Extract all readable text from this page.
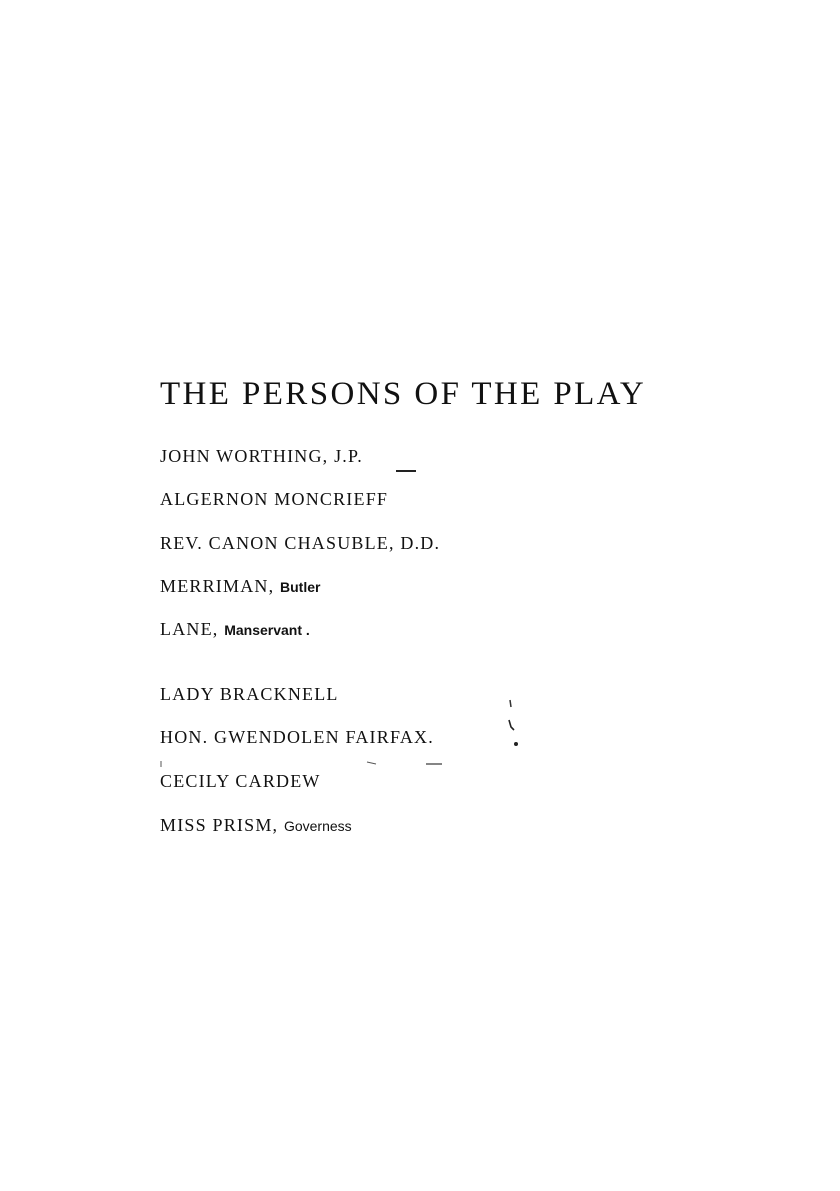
THE PERSONS OF THE PLAY
JOHN WORTHING, J.P.
ALGERNON MONCRIEFF
REV. CANON CHASUBLE, D.D.
MERRIMAN, Butler
LANE, Manservant .
LADY BRACKNELL
HON. GWENDOLEN FAIRFAX.
CECILY CARDEW
MISS PRISM, Governess
